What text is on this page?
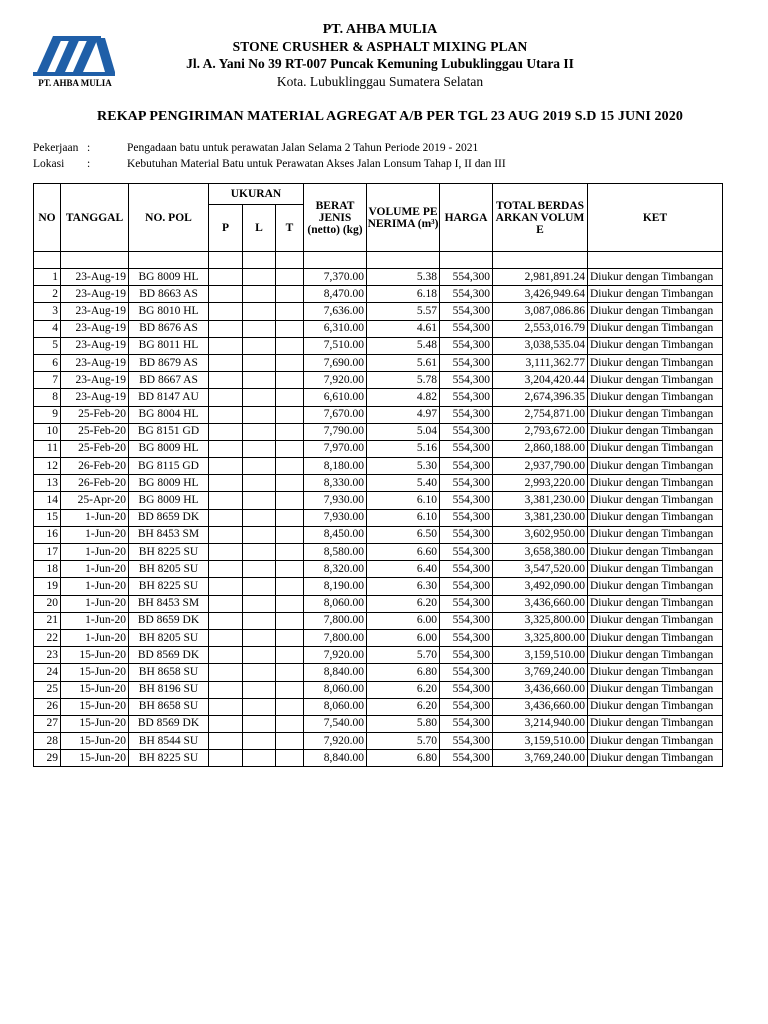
PT. AHBA MULIA
PT. AHBA MULIA
STONE CRUSHER & ASPHALT MIXING PLAN
Jl. A. Yani No 39 RT-007 Puncak Kemuning Lubuklinggau Utara II
Kota. Lubuklinggau Sumatera Selatan
REKAP PENGIRIMAN MATERIAL AGREGAT A/B PER TGL 23 AUG 2019 S.D 15 JUNI 2020
Pekerjaan :	Pengadaan batu untuk perawatan Jalan Selama 2 Tahun Periode 2019 - 2021
Lokasi :	Kebutuhan Material Batu untuk Perawatan Akses Jalan Lonsum Tahap I, II dan III
NO	TANGGAL	NO. POL	UKURAN			BERAT JENIS (netto) (kg)	VOLUME PENERIMA (m³)	HARGA	TOTAL BERDASARKAN VOLUME	KET
			P	L	T					

1	23-Aug-19	BG 8009 HL				7,370.00	5.38	554,300	2,981,891.24	Diukur dengan Timbangan
2	23-Aug-19	BD 8663 AS				8,470.00	6.18	554,300	3,426,949.64	Diukur dengan Timbangan
3	23-Aug-19	BG 8010 HL				7,636.00	5.57	554,300	3,087,086.86	Diukur dengan Timbangan
4	23-Aug-19	BD 8676 AS				6,310.00	4.61	554,300	2,553,016.79	Diukur dengan Timbangan
5	23-Aug-19	BG 8011 HL				7,510.00	5.48	554,300	3,038,535.04	Diukur dengan Timbangan
6	23-Aug-19	BD 8679 AS				7,690.00	5.61	554,300	3,111,362.77	Diukur dengan Timbangan
7	23-Aug-19	BD 8667 AS				7,920.00	5.78	554,300	3,204,420.44	Diukur dengan Timbangan
8	23-Aug-19	BD 8147 AU				6,610.00	4.82	554,300	2,674,396.35	Diukur dengan Timbangan
9	25-Feb-20	BG 8004 HL				7,670.00	4.97	554,300	2,754,871.00	Diukur dengan Timbangan
10	25-Feb-20	BG 8151 GD				7,790.00	5.04	554,300	2,793,672.00	Diukur dengan Timbangan
11	25-Feb-20	BG 8009 HL				7,970.00	5.16	554,300	2,860,188.00	Diukur dengan Timbangan
12	26-Feb-20	BG 8115 GD				8,180.00	5.30	554,300	2,937,790.00	Diukur dengan Timbangan
13	26-Feb-20	BG 8009 HL				8,330.00	5.40	554,300	2,993,220.00	Diukur dengan Timbangan
14	25-Apr-20	BG 8009 HL				7,930.00	6.10	554,300	3,381,230.00	Diukur dengan Timbangan
15	1-Jun-20	BD 8659 DK				7,930.00	6.10	554,300	3,381,230.00	Diukur dengan Timbangan
16	1-Jun-20	BH 8453 SM				8,450.00	6.50	554,300	3,602,950.00	Diukur dengan Timbangan
17	1-Jun-20	BH 8225 SU				8,580.00	6.60	554,300	3,658,380.00	Diukur dengan Timbangan
18	1-Jun-20	BH 8205 SU				8,320.00	6.40	554,300	3,547,520.00	Diukur dengan Timbangan
19	1-Jun-20	BH 8225 SU				8,190.00	6.30	554,300	3,492,090.00	Diukur dengan Timbangan
20	1-Jun-20	BH 8453 SM				8,060.00	6.20	554,300	3,436,660.00	Diukur dengan Timbangan
21	1-Jun-20	BD 8659 DK				7,800.00	6.00	554,300	3,325,800.00	Diukur dengan Timbangan
22	1-Jun-20	BH 8205 SU				7,800.00	6.00	554,300	3,325,800.00	Diukur dengan Timbangan
23	15-Jun-20	BD 8569 DK				7,920.00	5.70	554,300	3,159,510.00	Diukur dengan Timbangan
24	15-Jun-20	BH 8658 SU				8,840.00	6.80	554,300	3,769,240.00	Diukur dengan Timbangan
25	15-Jun-20	BH 8196 SU				8,060.00	6.20	554,300	3,436,660.00	Diukur dengan Timbangan
26	15-Jun-20	BH 8658 SU				8,060.00	6.20	554,300	3,436,660.00	Diukur dengan Timbangan
27	15-Jun-20	BD 8569 DK				7,540.00	5.80	554,300	3,214,940.00	Diukur dengan Timbangan
28	15-Jun-20	BH 8544 SU				7,920.00	5.70	554,300	3,159,510.00	Diukur dengan Timbangan
29	15-Jun-20	BH 8225 SU				8,840.00	6.80	554,300	3,769,240.00	Diukur dengan Timbangan
